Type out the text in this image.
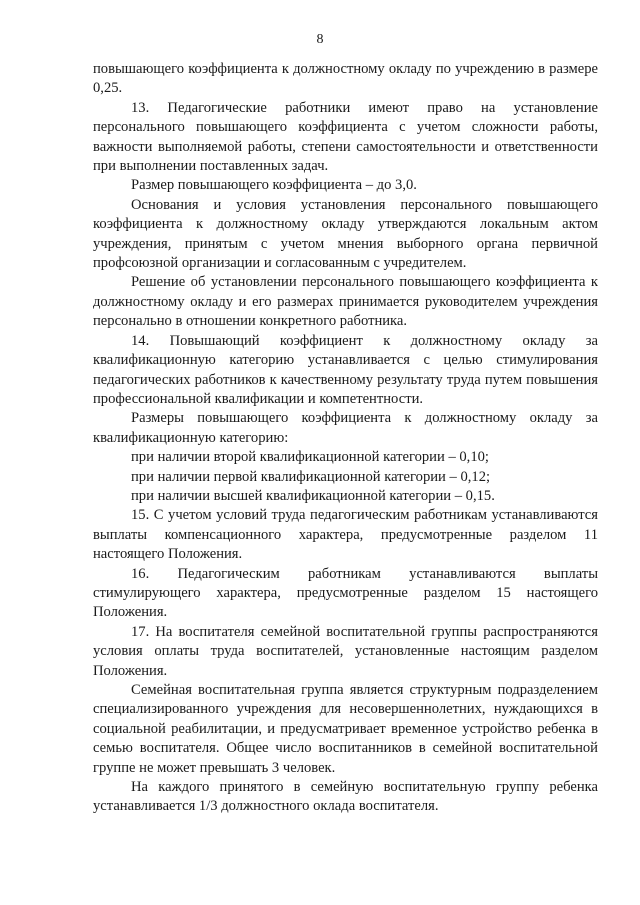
8

повышающего коэффициента к должностному окладу по учреждению в размере 0,25.

13. Педагогические работники имеют право на установление персонального повышающего коэффициента с учетом сложности работы, важности выполняемой работы, степени самостоятельности и ответственности при выполнении поставленных задач.

Размер повышающего коэффициента – до 3,0.

Основания и условия установления персонального повышающего коэффициента к должностному окладу утверждаются локальным актом учреждения, принятым с учетом мнения выборного органа первичной профсоюзной организации и согласованным с учредителем.

Решение об установлении персонального повышающего коэффициента к должностному окладу и его размерах принимается руководителем учреждения персонально в отношении конкретного работника.

14. Повышающий коэффициент к должностному окладу за квалификационную категорию устанавливается с целью стимулирования педагогических работников к качественному результату труда путем повышения профессиональной квалификации и компетентности.

Размеры повышающего коэффициента к должностному окладу за квалификационную категорию:

при наличии второй квалификационной категории – 0,10;

при наличии первой квалификационной категории – 0,12;

при наличии высшей квалификационной категории – 0,15.

15. С учетом условий труда педагогическим работникам устанавливаются выплаты компенсационного характера, предусмотренные разделом 11 настоящего Положения.

16. Педагогическим работникам устанавливаются выплаты стимулирующего характера, предусмотренные разделом 15 настоящего Положения.

17. На воспитателя семейной воспитательной группы распространяются условия оплаты труда воспитателей, установленные настоящим разделом Положения.

Семейная воспитательная группа является структурным подразделением специализированного учреждения для несовершеннолетних, нуждающихся в социальной реабилитации, и предусматривает временное устройство ребенка в семью воспитателя. Общее число воспитанников в семейной воспитательной группе не может превышать 3 человек.

На каждого принятого в семейную воспитательную группу ребенка устанавливается 1/3 должностного оклада воспитателя.
